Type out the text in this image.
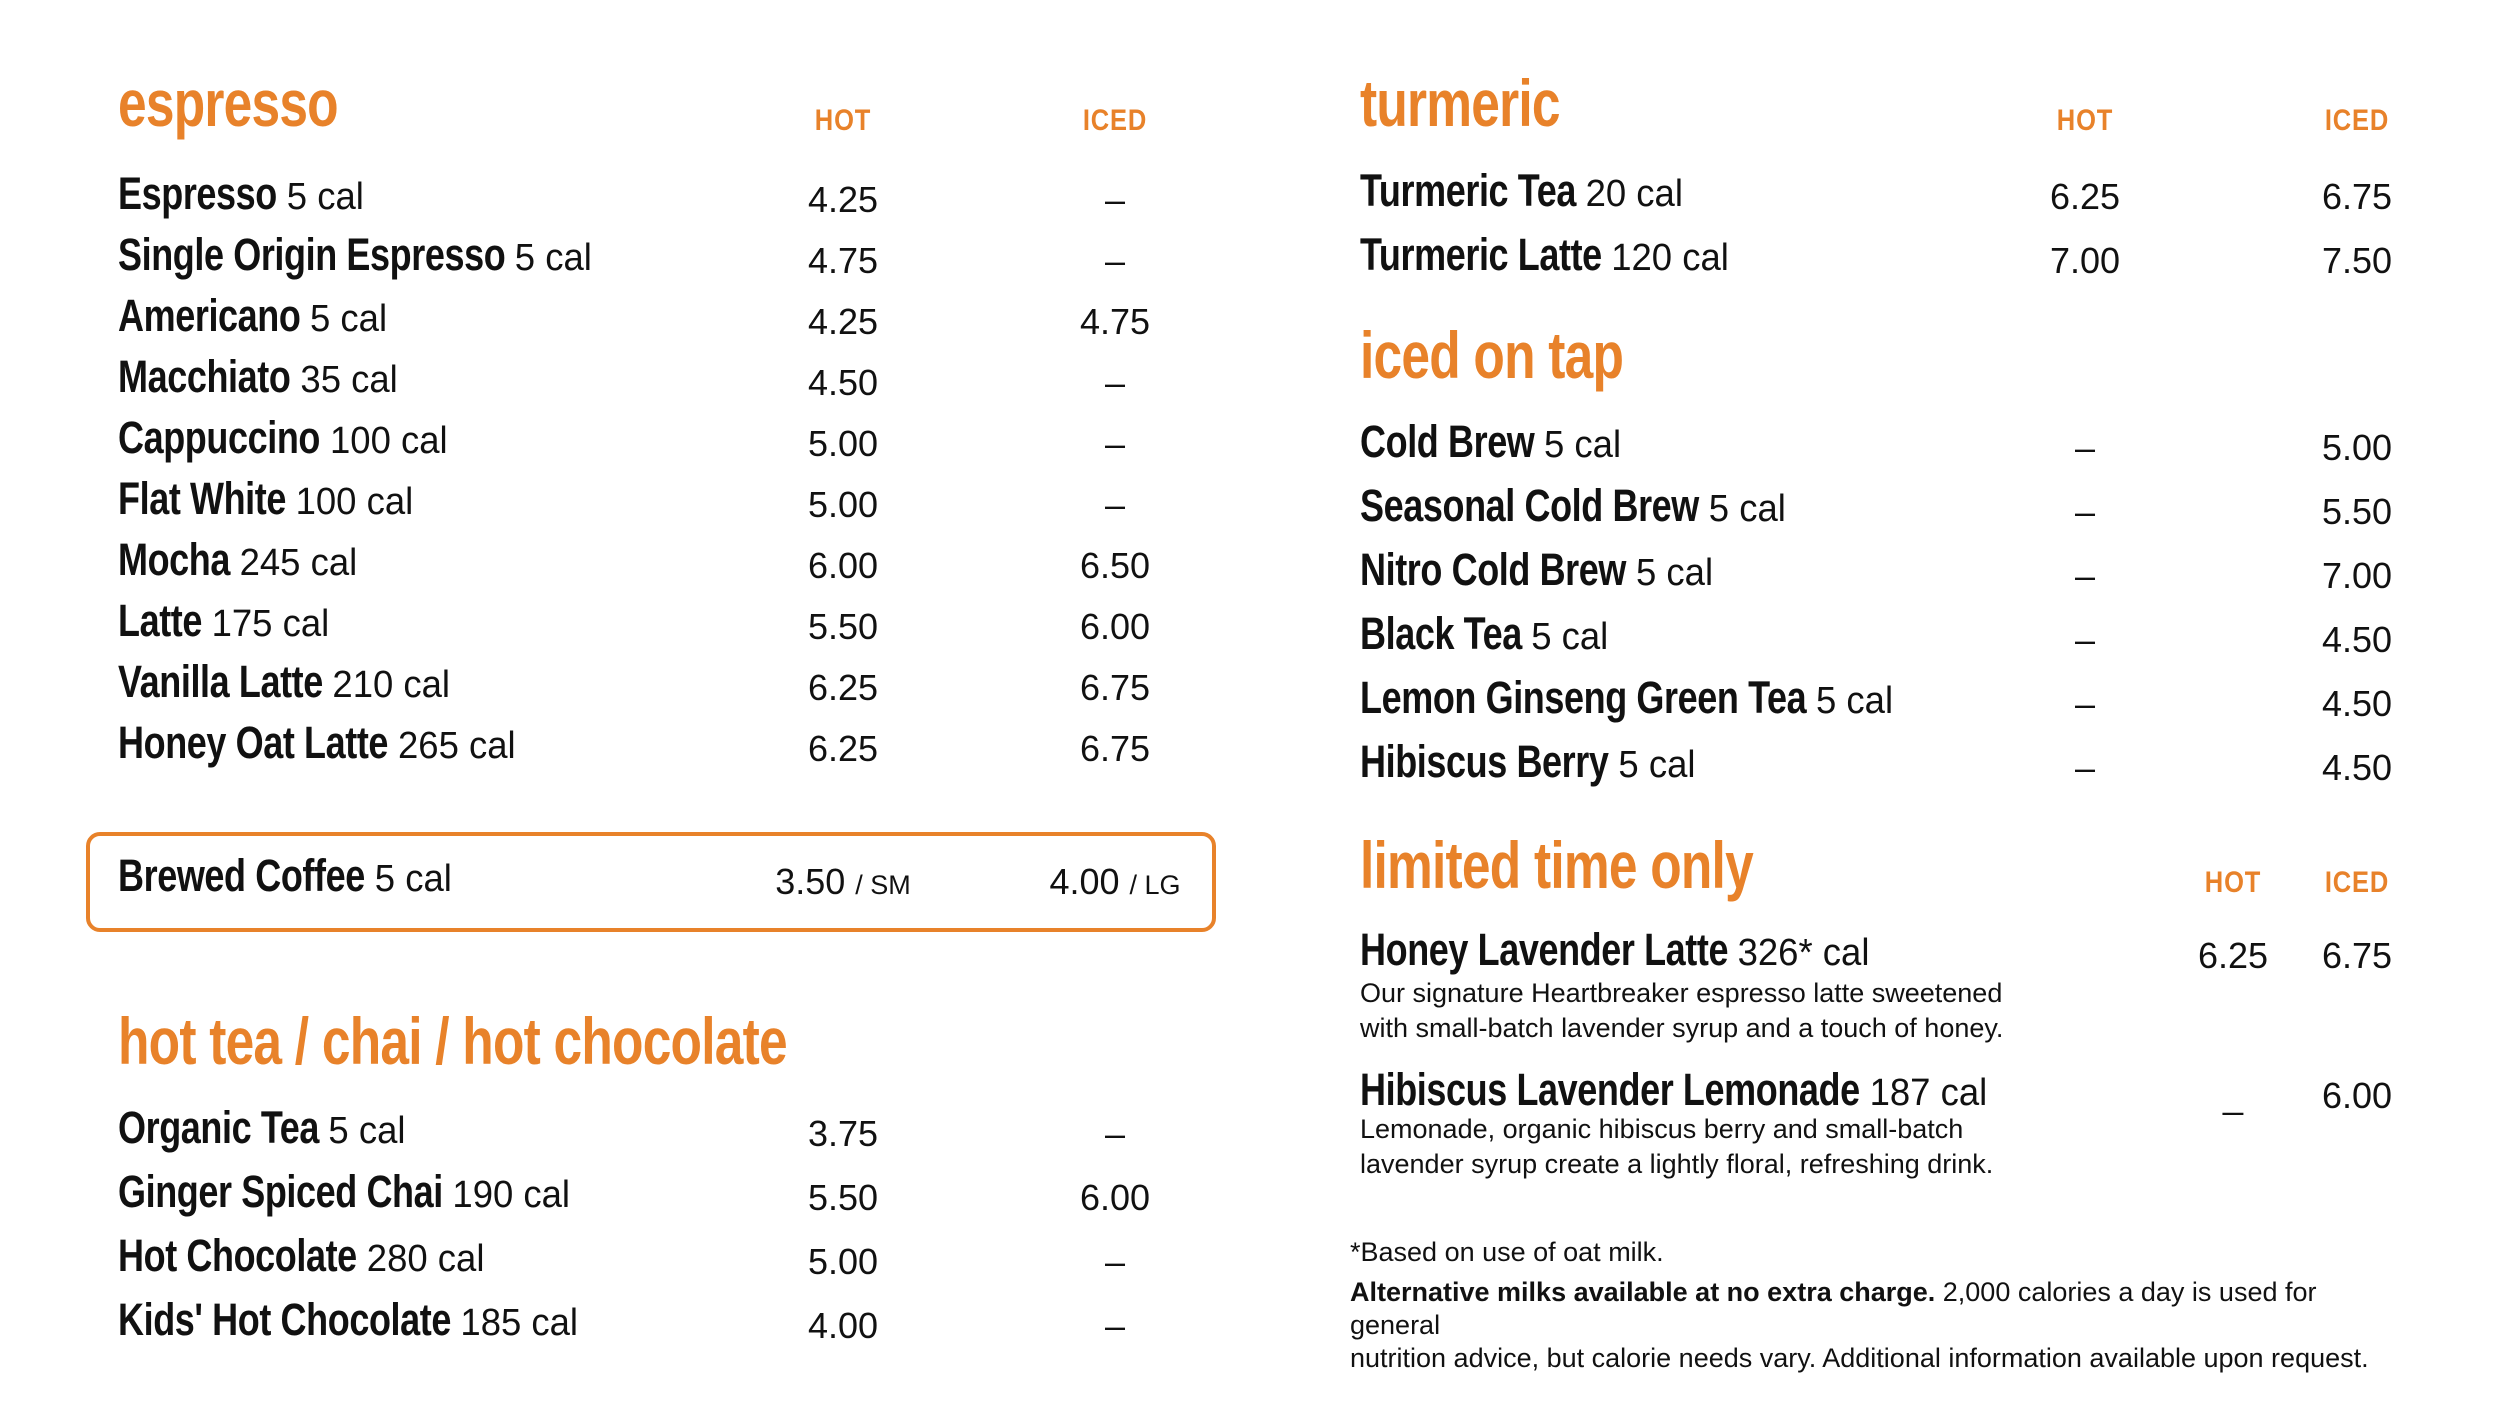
espresso	HOT	ICED
Espresso 5 cal	4.25	–
Single Origin Espresso 5 cal	4.75	–
Americano 5 cal	4.25	4.75
Macchiato 35 cal	4.50	–
Cappuccino 100 cal	5.00	–
Flat White 100 cal	5.00	–
Mocha 245 cal	6.00	6.50
Latte 175 cal	5.50	6.00
Vanilla Latte 210 cal	6.25	6.75
Honey Oat Latte 265 cal	6.25	6.75
Brewed Coffee 5 cal	3.50 / SM	4.00 / LG
hot tea / chai / hot chocolate
Organic Tea 5 cal	3.75	–
Ginger Spiced Chai 190 cal	5.50	6.00
Hot Chocolate 280 cal	5.00	–
Kids' Hot Chocolate 185 cal	4.00	–
turmeric	HOT	ICED
Turmeric Tea 20 cal	6.25	6.75
Turmeric Latte 120 cal	7.00	7.50
iced on tap
Cold Brew 5 cal	–	5.00
Seasonal Cold Brew 5 cal	–	5.50
Nitro Cold Brew 5 cal	–	7.00
Black Tea 5 cal	–	4.50
Lemon Ginseng Green Tea 5 cal	–	4.50
Hibiscus Berry 5 cal	–	4.50
limited time only	HOT	ICED
Honey Lavender Latte 326* cal	6.25	6.75
Our signature Heartbreaker espresso latte sweetened
with small-batch lavender syrup and a touch of honey.
Hibiscus Lavender Lemonade 187 cal	_	6.00
Lemonade, organic hibiscus berry and small-batch
lavender syrup create a lightly floral, refreshing drink.
*Based on use of oat milk.
Alternative milks available at no extra charge. 2,000 calories a day is used for general
nutrition advice, but calorie needs vary. Additional information available upon request.
